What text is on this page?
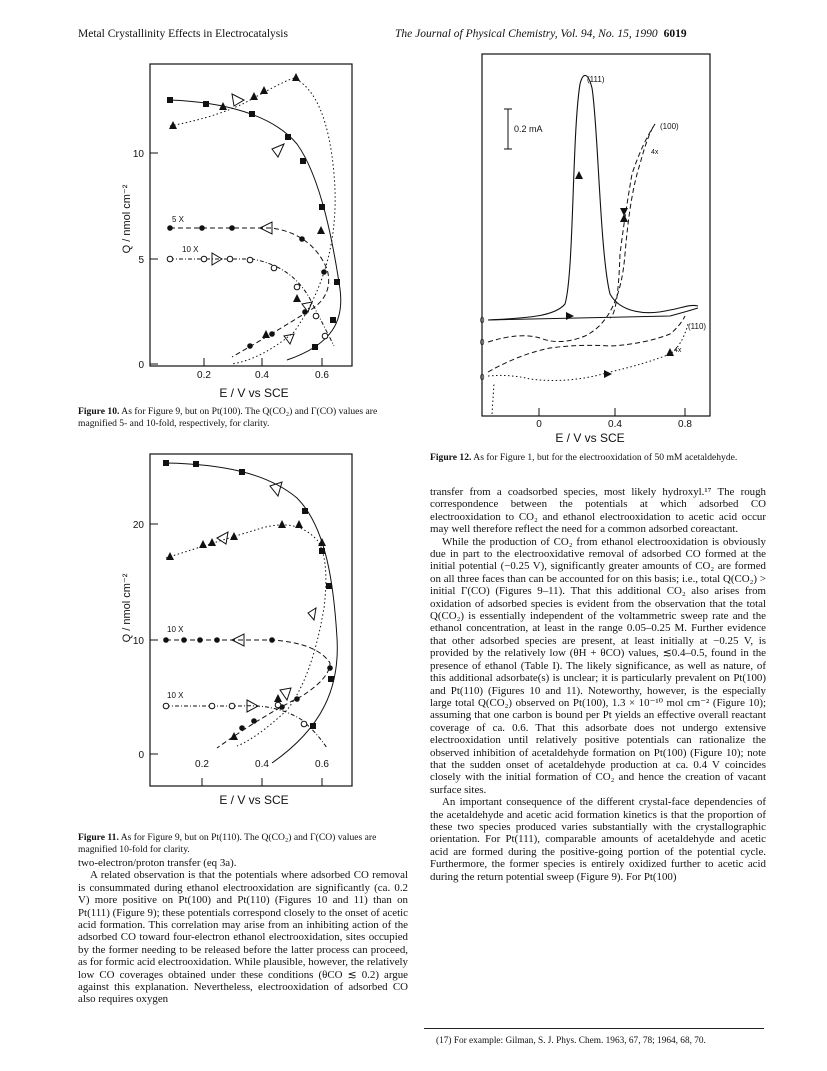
Metal Crystallinity Effects in Electrocatalysis	The Journal of Physical Chemistry, Vol. 94, No. 15, 1990 6019
10
5
0
0.2	0.4	0.6
E / V vs SCE
Q / nmol cm⁻²	5 X
10 X
Figure 10. As for Figure 9, but on Pt(100). The Q(CO₂) and Γ(CO) values are magnified 5- and 10-fold, respectively, for clarity.
20
10
0
0.2	0.4	0.6
E / V vs SCE
Q / nmol cm⁻²	10 X
10 X
Figure 11. As for Figure 9, but on Pt(110). The Q(CO₂) and Γ(CO) values are magnified 10-fold for clarity.
0.2 mA
0
0
0
(111)
(100)
4x
(110)
4x
0	0.4	0.8
E / V vs SCE
Figure 12. As for Figure 1, but for the electrooxidation of 50 mM acetaldehyde.

two-electron/proton transfer (eq 3a).

A related observation is that the potentials where adsorbed CO removal is consummated during ethanol electrooxidation are significantly (ca. 0.2 V) more positive on Pt(100) and Pt(110) (Figures 10 and 11) than on Pt(111) (Figure 9); these potentials correspond closely to the onset of acetic acid formation. This correlation may arise from an inhibiting action of the adsorbed CO toward four-electron ethanol electrooxidation, sites occupied by the former needing to be released before the latter process can proceed, as for formic acid electrooxidation. While plausible, however, the relatively low CO coverages obtained under these conditions (θCO ≲ 0.2) argue against this explanation. Nevertheless, electrooxidation of adsorbed CO also requires oxygen

transfer from a coadsorbed species, most likely hydroxyl.¹⁷ The rough correspondence between the potentials at which adsorbed CO electrooxidation to CO₂ and ethanol electrooxidation to acetic acid occur may well therefore reflect the need for a common adsorbed coreactant.

While the production of CO₂ from ethanol electrooxidation is obviously due in part to the electrooxidative removal of adsorbed CO formed at the initial potential (−0.25 V), significantly greater amounts of CO₂ are formed on all three faces than can be accounted for on this basis; i.e., total Q(CO₂) > initial Γ(CO) (Figures 9–11). That this additional CO₂ also arises from oxidation of adsorbed species is evident from the observation that the total Q(CO₂) is essentially independent of the voltammetric sweep rate and the ethanol concentration, at least in the range 0.05–0.25 M. Further evidence that other adsorbed species are present, at least initially at −0.25 V, is provided by the relatively low (θH + θCO) values, ≲0.4–0.5, found in the presence of ethanol (Table I). The likely significance, as well as nature, of this additional adsorbate(s) is unclear; it is particularly prevalent on Pt(100) and Pt(110) (Figures 10 and 11). Noteworthy, however, is the especially large total Q(CO₂) observed on Pt(100), 1.3 × 10⁻¹⁰ mol cm⁻² (Figure 10); assuming that one carbon is bound per Pt yields an effective overall reactant coverage of ca. 0.6. That this adsorbate does not undergo extensive electrooxidation until relatively positive potentials can rationalize the observed inhibition of acetaldehyde formation on Pt(100) (Figure 10); note that the sudden onset of acetaldehyde production at ca. 0.4 V coincides closely with the initial formation of CO₂ and hence the creation of vacant surface sites.

An important consequence of the different crystal-face dependencies of the acetaldehyde and acetic acid formation kinetics is that the proportion of these two species produced varies substantially with the crystallographic orientation. For Pt(111), comparable amounts of acetaldehyde and acetic acid are formed during the positive-going portion of the potential cycle. Furthermore, the former species is entirely oxidized further to acetic acid during the return potential sweep (Figure 9). For Pt(100)

(17) For example: Gilman, S. J. Phys. Chem. 1963, 67, 78; 1964, 68, 70.
